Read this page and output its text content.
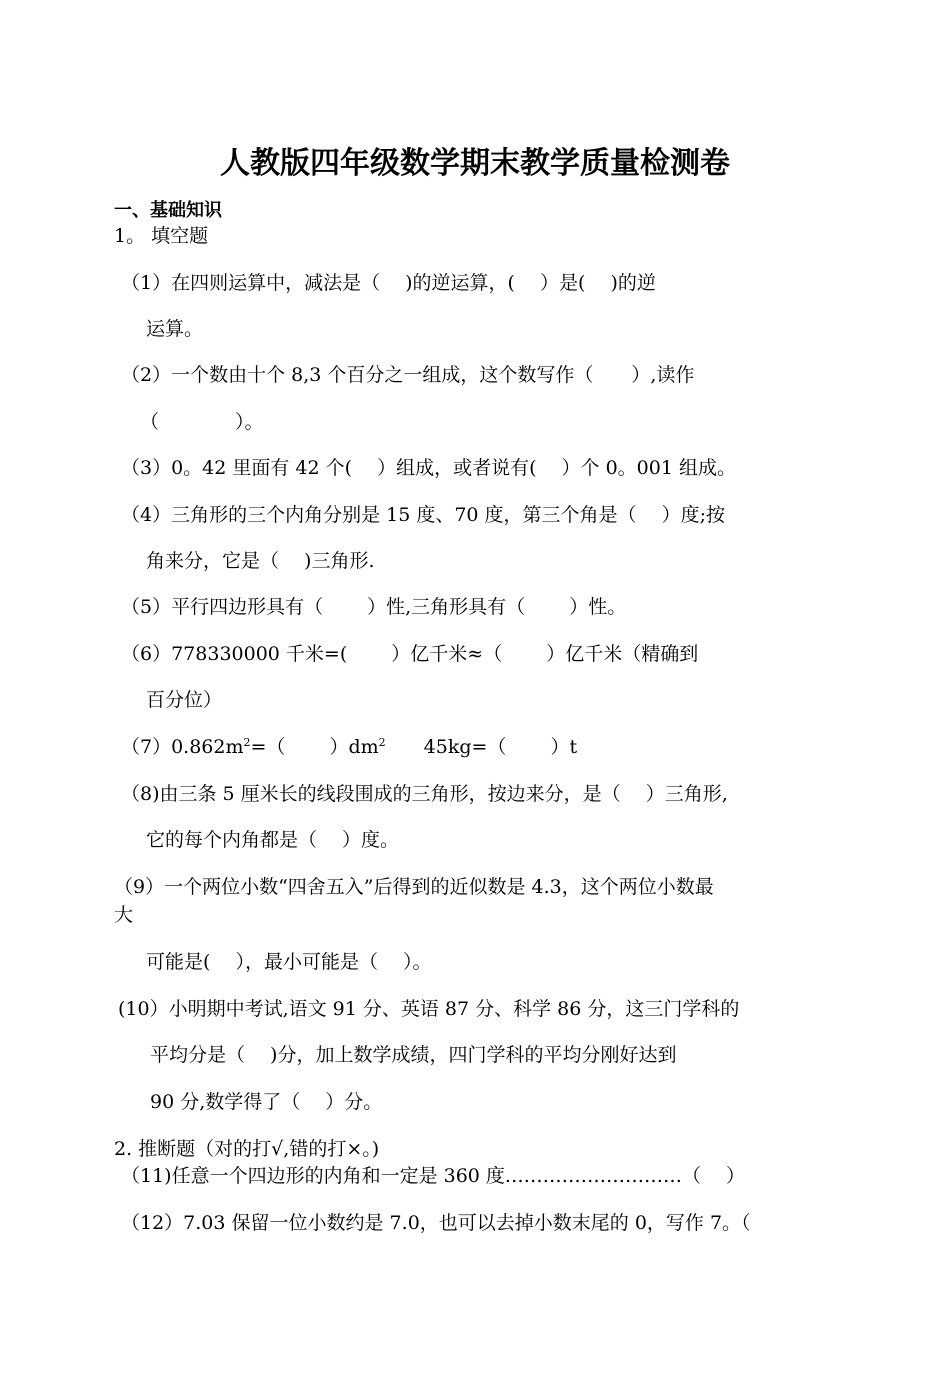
人教版四年级数学期末教学质量检测卷
一、基础知识
1。 填空题
（1）在四则运算中，减法是（　 )的逆运算，(　 ）是(　 )的逆
运算。
（2）一个数由十个 8,3 个百分之一组成，这个数写作（　　）,读作
（　　　　）。
（3）0。42 里面有 42 个(　 ）组成，或者说有(　 ）个 0。001 组成。
（4）三角形的三个内角分别是 15 度、70 度，第三个角是（　 ）度;按
角来分，它是（　 )三角形.
（5）平行四边形具有（　　 ）性,三角形具有（　　 ）性。
（6）778330000 千米=(　　 ）亿千米≈（　　 ）亿千米（精确到
百分位）
$(7)0.862m^2=$（　　 ）$dm^2$　　45kg=（　　 ）t
（8)由三条 5 厘米长的线段围成的三角形，按边来分，是（　 ）三角形,
它的每个内角都是（　 ）度。
（9）一个两位小数“四舍五入”后得到的近似数是 4.3，这个两位小数最
大
可能是(　 ），最小可能是（　 ）。
(10）小明期中考试,语文 91 分、英语 87 分、科学 86 分，这三门学科的
平均分是（　 )分，加上数学成绩，四门学科的平均分刚好达到
90 分,数学得了（　 ）分。
2. 推断题（对的打√,错的打×。)
（11)任意一个四边形的内角和一定是 360 度.………………………（　 ）
（12）7.03 保留一位小数约是 7.0，也可以去掉小数末尾的 0，写作 7。（
